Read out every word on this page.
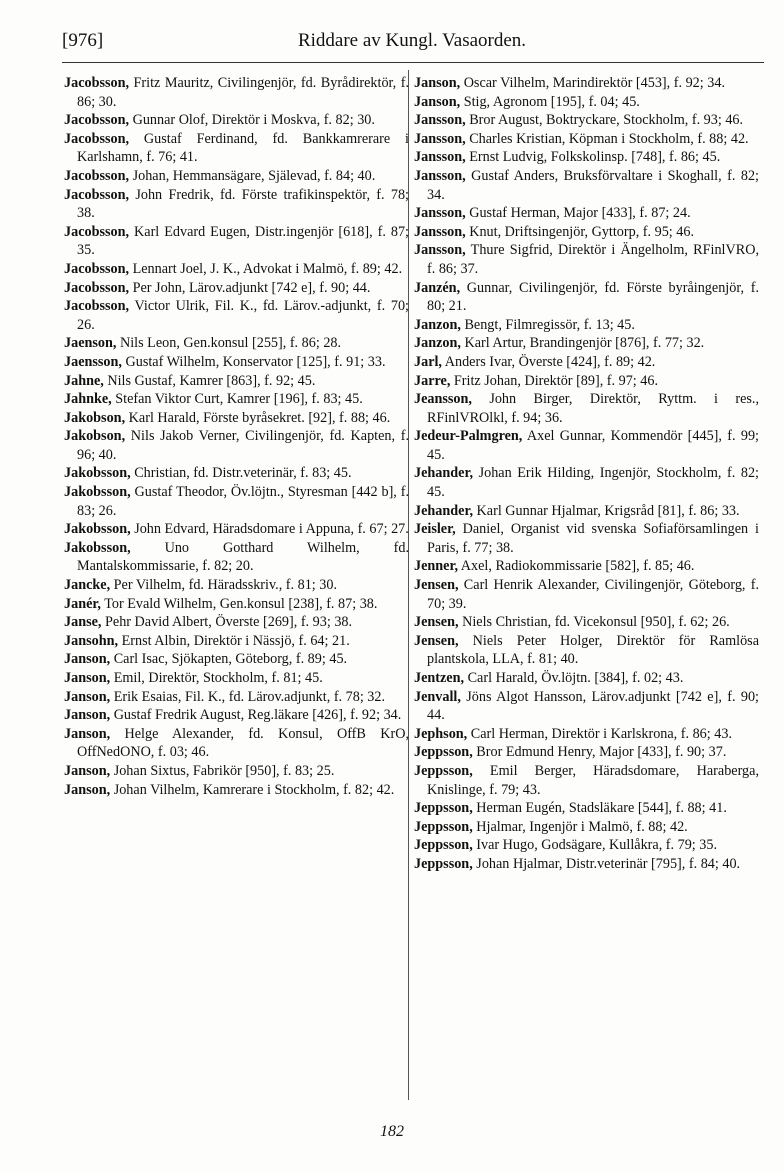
[976]	Riddare av Kungl. Vasaorden.
Jacobsson, Fritz Mauritz, Civilingenjör, fd. Byrådirektör, f. 86; 30.
Jacobsson, Gunnar Olof, Direktör i Moskva, f. 82; 30.
Jacobsson, Gustaf Ferdinand, fd. Bankkamrerare i Karlshamn, f. 76; 41.
Jacobsson, Johan, Hemmansägare, Själevad, f. 84; 40.
Jacobsson, John Fredrik, fd. Förste trafikinspektör, f. 78; 38.
Jacobsson, Karl Edvard Eugen, Distr.ingenjör [618], f. 87; 35.
Jacobsson, Lennart Joel, J. K., Advokat i Malmö, f. 89; 42.
Jacobsson, Per John, Lärov.adjunkt [742 e], f. 90; 44.
Jacobsson, Victor Ulrik, Fil. K., fd. Lärov.-adjunkt, f. 70; 26.
Jaenson, Nils Leon, Gen.konsul [255], f. 86; 28.
Jaensson, Gustaf Wilhelm, Konservator [125], f. 91; 33.
Jahne, Nils Gustaf, Kamrer [863], f. 92; 45.
Jahnke, Stefan Viktor Curt, Kamrer [196], f. 83; 45.
Jakobson, Karl Harald, Förste byråsekret. [92], f. 88; 46.
Jakobson, Nils Jakob Verner, Civilingenjör, fd. Kapten, f. 96; 40.
Jakobsson, Christian, fd. Distr.veterinär, f. 83; 45.
Jakobsson, Gustaf Theodor, Öv.löjtn., Styresman [442 b], f. 83; 26.
Jakobsson, John Edvard, Häradsdomare i Appuna, f. 67; 27.
Jakobsson, Uno Gotthard Wilhelm, fd. Mantalskommissarie, f. 82; 20.
Jancke, Per Vilhelm, fd. Häradsskriv., f. 81; 30.
Janér, Tor Evald Wilhelm, Gen.konsul [238], f. 87; 38.
Janse, Pehr David Albert, Överste [269], f. 93; 38.
Jansohn, Ernst Albin, Direktör i Nässjö, f. 64; 21.
Janson, Carl Isac, Sjökapten, Göteborg, f. 89; 45.
Janson, Emil, Direktör, Stockholm, f. 81; 45.
Janson, Erik Esaias, Fil. K., fd. Lärov.adjunkt, f. 78; 32.
Janson, Gustaf Fredrik August, Reg.läkare [426], f. 92; 34.
Janson, Helge Alexander, fd. Konsul, OffB KrO, OffNedONO, f. 03; 46.
Janson, Johan Sixtus, Fabrikör [950], f. 83; 25.
Janson, Johan Vilhelm, Kamrerare i Stockholm, f. 82; 42.
Janson, Oscar Vilhelm, Marindirektör [453], f. 92; 34.
Janson, Stig, Agronom [195], f. 04; 45.
Jansson, Bror August, Boktryckare, Stockholm, f. 93; 46.
Jansson, Charles Kristian, Köpman i Stockholm, f. 88; 42.
Jansson, Ernst Ludvig, Folkskolinsp. [748], f. 86; 45.
Jansson, Gustaf Anders, Bruksförvaltare i Skoghall, f. 82; 34.
Jansson, Gustaf Herman, Major [433], f. 87; 24.
Jansson, Knut, Driftsingenjör, Gyttorp, f. 95; 46.
Jansson, Thure Sigfrid, Direktör i Ängelholm, RFinlVRO, f. 86; 37.
Janzén, Gunnar, Civilingenjör, fd. Förste byråingenjör, f. 80; 21.
Janzon, Bengt, Filmregissör, f. 13; 45.
Janzon, Karl Artur, Brandingenjör [876], f. 77; 32.
Jarl, Anders Ivar, Överste [424], f. 89; 42.
Jarre, Fritz Johan, Direktör [89], f. 97; 46.
Jeansson, John Birger, Direktör, Ryttm. i res., RFinlVROlkl, f. 94; 36.
Jedeur-Palmgren, Axel Gunnar, Kommendör [445], f. 99; 45.
Jehander, Johan Erik Hilding, Ingenjör, Stockholm, f. 82; 45.
Jehander, Karl Gunnar Hjalmar, Krigsråd [81], f. 86; 33.
Jeisler, Daniel, Organist vid svenska Sofiaförsamlingen i Paris, f. 77; 38.
Jenner, Axel, Radiokommissarie [582], f. 85; 46.
Jensen, Carl Henrik Alexander, Civilingenjör, Göteborg, f. 70; 39.
Jensen, Niels Christian, fd. Vicekonsul [950], f. 62; 26.
Jensen, Niels Peter Holger, Direktör för Ramlösa plantskola, LLA, f. 81; 40.
Jentzen, Carl Harald, Öv.löjtn. [384], f. 02; 43.
Jenvall, Jöns Algot Hansson, Lärov.adjunkt [742 e], f. 90; 44.
Jephson, Carl Herman, Direktör i Karlskrona, f. 86; 43.
Jeppsson, Bror Edmund Henry, Major [433], f. 90; 37.
Jeppsson, Emil Berger, Häradsdomare, Haraberga, Knislinge, f. 79; 43.
Jeppsson, Herman Eugén, Stadsläkare [544], f. 88; 41.
Jeppsson, Hjalmar, Ingenjör i Malmö, f. 88; 42.
Jeppsson, Ivar Hugo, Godsägare, Kullåkra, f. 79; 35.
Jeppsson, Johan Hjalmar, Distr.veterinär [795], f. 84; 40.
182
